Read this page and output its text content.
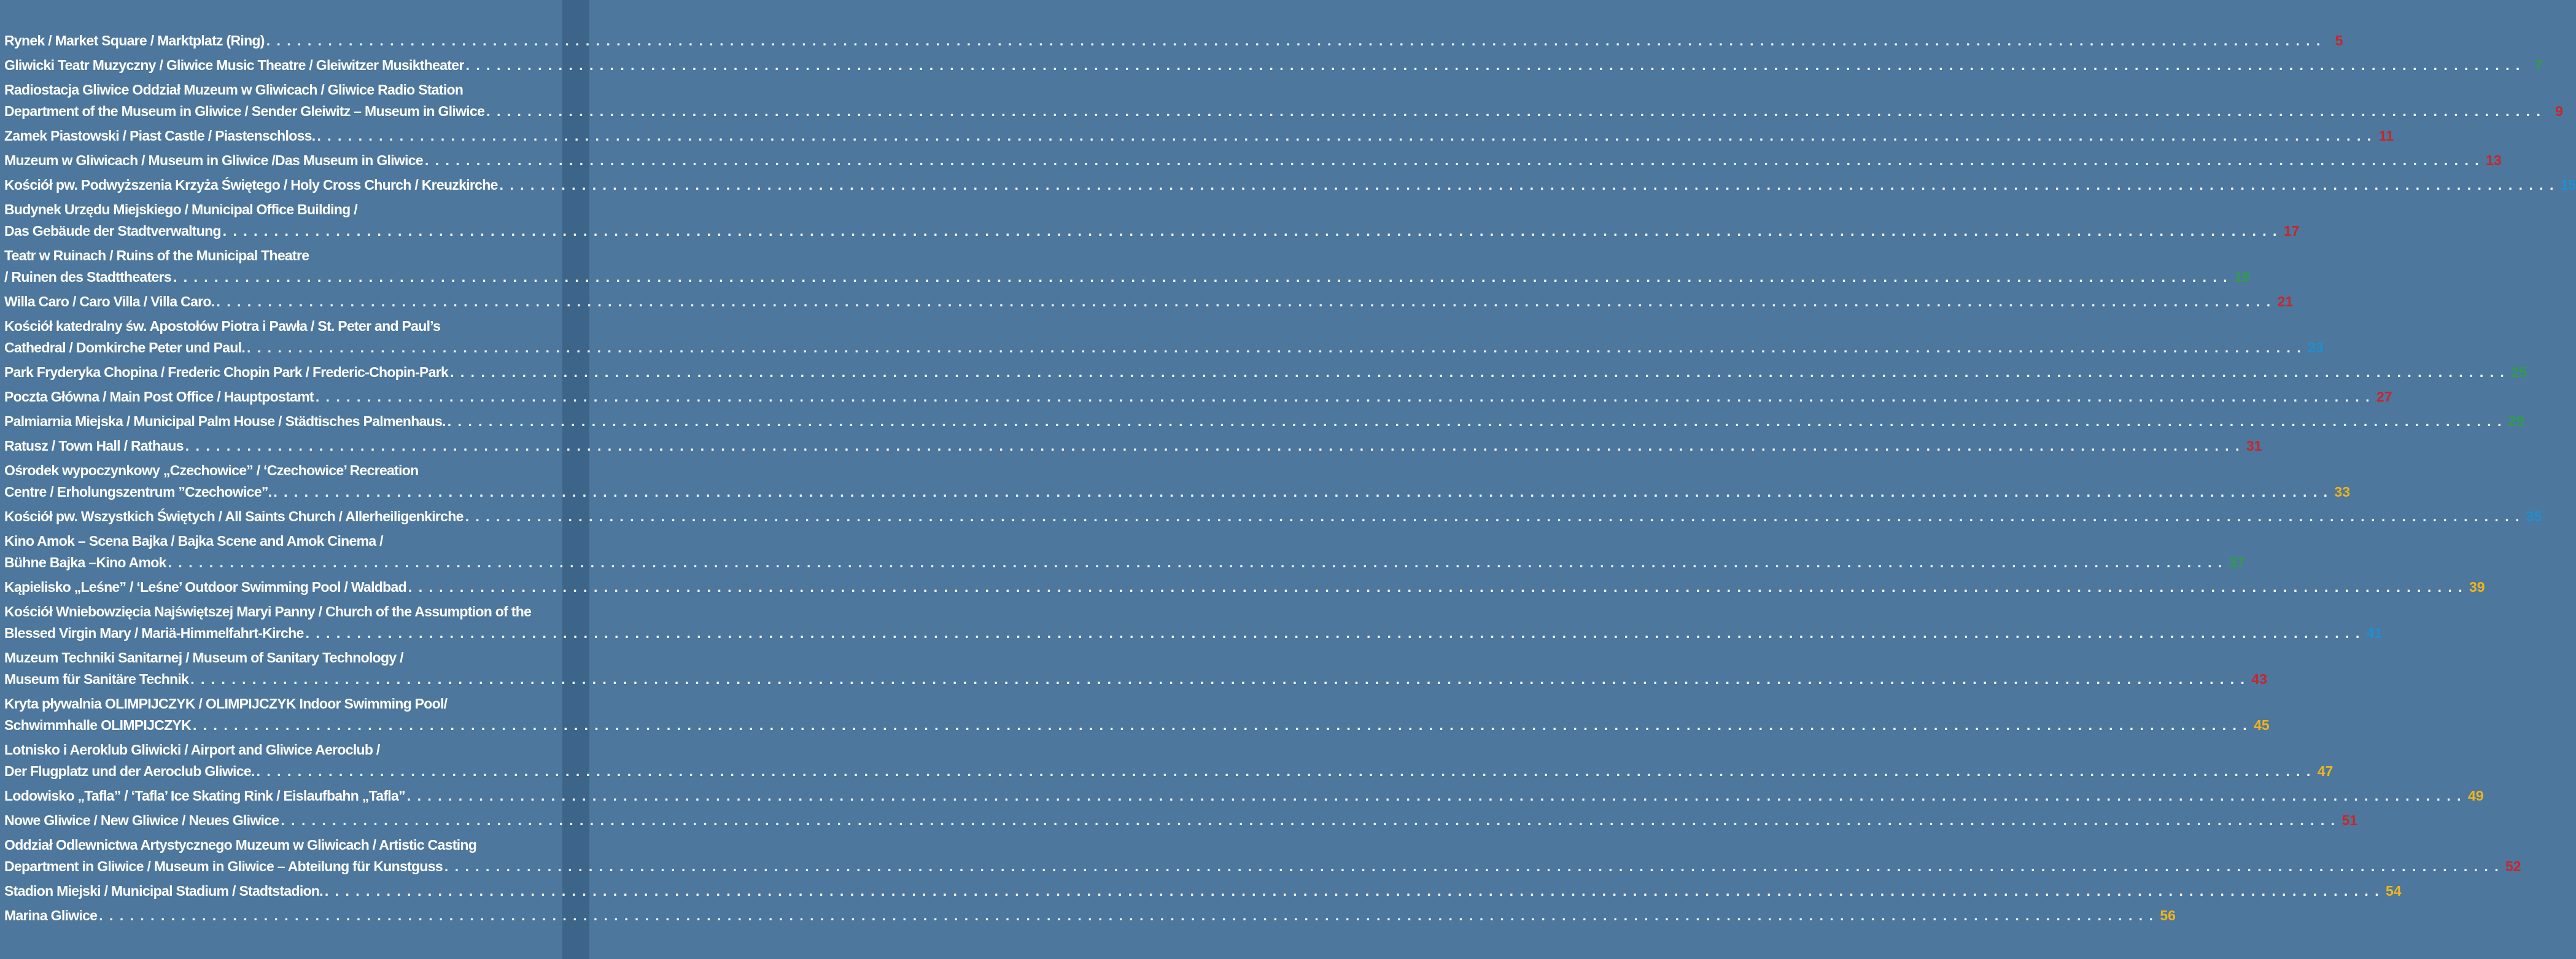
Rynek / Market Square / Marktplatz (Ring) . . . . . . . . . . . . . . . . . . . . . . . . . . . . . . . . . . . . . . . . . . . . . . . . . . . . . . . . . . . . . . . . . . . . . . . . . . . . . . . . . . . . . . . . . . . . . . . . . . . . . . . . . . . . . . . . . . . . . . . . . . . . . . . . . . . . . . . . . . . . . . . . . . . . . . . . . . . . . . . . . . . . . . . . . . . . . . . . . . . . . . . . . . . . . . . . . . . . . . . . 5
Gliwicki Teatr Muzyczny / Gliwice Music Theatre / Gleiwitzer Musiktheater . . . . . . . . . . . . . . . . . . . . . . . . . . . . . . . . . . . . . . . . . . . . . . . . . . . . . . . . . . . . . . . . . . . . . . . . . . . . . . . . . . . . . . . . . . . . . . . . . . . . . . . . . . . . . . . . . . . . . . . . . . . . . . . . . . . . . . . . . . . . . . . . . . . . . . . . . . . . . . . . . . . . . . . . . . . . . . . . . . . . . . . . . . . . . . . . . . . . . . . . 7
Radiostacja Gliwice Oddział Muzeum w Gliwicach / Gliwice Radio Station
Department of the Museum in Gliwice / Sender Gleiwitz – Museum in Gliwice . . . . . . . . . . . . . . . . . . . . . . . . . . . . . . . . . . . . . . . . . . . . . . . . . . . . . . . . . . . . . . . . . . . . . . . . . . . . . . . . . . . . . . . . . . . . . . . . . . . . . . . . . . . . . . . . . . . . . . . . . . . . . . . . . . . . . . . . . . . . . . . . . . . . . . . . . . . . . . . . . . . . . . . . . . . . . . . . . . . . . . . . . . . . . . . . . . . . . . . . 9
Zamek Piastowski / Piast Castle / Piastenschloss. . . . . . . . . . . . . . . . . . . . . . . . . . . . . . . . . . . . . . . . . . . . . . . . . . . . . . . . . . . . . . . . . . . . . . . . . . . . . . . . . . . . . . . . . . . . . . . . . . . . . . . . . . . . . . . . . . . . . . . . . . . . . . . . . . . . . . . . . . . . . . . . . . . . . . . . . . . . . . . . . . . . . . . . . . . . . . . . . . . . . . . . . . . . . . . . . . . . . . . . . 11
Muzeum w Gliwicach / Museum in Gliwice /Das Museum in Gliwice . . . . . . . . . . . . . . . . . . . . . . . . . . . . . . . . . . . . . . . . . . . . . . . . . . . . . . . . . . . . . . . . . . . . . . . . . . . . . . . . . . . . . . . . . . . . . . . . . . . . . . . . . . . . . . . . . . . . . . . . . . . . . . . . . . . . . . . . . . . . . . . . . . . . . . . . . . . . . . . . . . . . . . . . . . . . . . . . . . . . . . . . . . . . . . . . . . . . . . . . 13
Kościół pw. Podwyższenia Krzyża Świętego / Holy Cross Church / Kreuzkirche . . . . . . . . . . . . . . . . . . . . . . . . . . . . . . . . . . . . . . . . . . . . . . . . . . . . . . . . . . . . . . . . . . . . . . . . . . . . . . . . . . . . . . . . . . . . . . . . . . . . . . . . . . . . . . . . . . . . . . . . . . . . . . . . . . . . . . . . . . . . . . . . . . . . . . . . . . . . . . . . . . . . . . . . . . . . . . . . . . . . . . . . . . . . . . . . . . . . . . . . 15
Budynek Urzędu Miejskiego / Municipal Office Building /
Das Gebäude der Stadtverwaltung . . . . . . . . . . . . . . . . . . . . . . . . . . . . . . . . . . . . . . . . . . . . . . . . . . . . . . . . . . . . . . . . . . . . . . . . . . . . . . . . . . . . . . . . . . . . . . . . . . . . . . . . . . . . . . . . . . . . . . . . . . . . . . . . . . . . . . . . . . . . . . . . . . . . . . . . . . . . . . . . . . . . . . . . . . . . . . . . . . . . . . . . . . . . . . . . . . . . . . . . 17
Teatr w Ruinach / Ruins of the Municipal Theatre
/ Ruinen des Stadttheaters . . . . . . . . . . . . . . . . . . . . . . . . . . . . . . . . . . . . . . . . . . . . . . . . . . . . . . . . . . . . . . . . . . . . . . . . . . . . . . . . . . . . . . . . . . . . . . . . . . . . . . . . . . . . . . . . . . . . . . . . . . . . . . . . . . . . . . . . . . . . . . . . . . . . . . . . . . . . . . . . . . . . . . . . . . . . . . . . . . . . . . . . . . . . . . . . . . . . . . . . 19
Willa Caro / Caro Villa / Villa Caro. . . . . . . . . . . . . . . . . . . . . . . . . . . . . . . . . . . . . . . . . . . . . . . . . . . . . . . . . . . . . . . . . . . . . . . . . . . . . . . . . . . . . . . . . . . . . . . . . . . . . . . . . . . . . . . . . . . . . . . . . . . . . . . . . . . . . . . . . . . . . . . . . . . . . . . . . . . . . . . . . . . . . . . . . . . . . . . . . . . . . . . . . . . . . . . . . . . . . . . . . 21
Kościół katedralny św. Apostołów Piotra i Pawła / St. Peter and Paul’s
Cathedral / Domkirche Peter und Paul. . . . . . . . . . . . . . . . . . . . . . . . . . . . . . . . . . . . . . . . . . . . . . . . . . . . . . . . . . . . . . . . . . . . . . . . . . . . . . . . . . . . . . . . . . . . . . . . . . . . . . . . . . . . . . . . . . . . . . . . . . . . . . . . . . . . . . . . . . . . . . . . . . . . . . . . . . . . . . . . . . . . . . . . . . . . . . . . . . . . . . . . . . . . . . . . . . . . . . . . . 23
Park Fryderyka Chopina / Frederic Chopin Park / Frederic-Chopin-Park . . . . . . . . . . . . . . . . . . . . . . . . . . . . . . . . . . . . . . . . . . . . . . . . . . . . . . . . . . . . . . . . . . . . . . . . . . . . . . . . . . . . . . . . . . . . . . . . . . . . . . . . . . . . . . . . . . . . . . . . . . . . . . . . . . . . . . . . . . . . . . . . . . . . . . . . . . . . . . . . . . . . . . . . . . . . . . . . . . . . . . . . . . . . . . . . . . . . . . . . 25
Poczta Główna / Main Post Office / Hauptpostamt . . . . . . . . . . . . . . . . . . . . . . . . . . . . . . . . . . . . . . . . . . . . . . . . . . . . . . . . . . . . . . . . . . . . . . . . . . . . . . . . . . . . . . . . . . . . . . . . . . . . . . . . . . . . . . . . . . . . . . . . . . . . . . . . . . . . . . . . . . . . . . . . . . . . . . . . . . . . . . . . . . . . . . . . . . . . . . . . . . . . . . . . . . . . . . . . . . . . . . . . 27
Palmiarnia Miejska / Municipal Palm House / Städtisches Palmenhaus. . . . . . . . . . . . . . . . . . . . . . . . . . . . . . . . . . . . . . . . . . . . . . . . . . . . . . . . . . . . . . . . . . . . . . . . . . . . . . . . . . . . . . . . . . . . . . . . . . . . . . . . . . . . . . . . . . . . . . . . . . . . . . . . . . . . . . . . . . . . . . . . . . . . . . . . . . . . . . . . . . . . . . . . . . . . . . . . . . . . . . . . . . . . . . . . . . . . . . . . . 29
Ratusz / Town Hall / Rathaus . . . . . . . . . . . . . . . . . . . . . . . . . . . . . . . . . . . . . . . . . . . . . . . . . . . . . . . . . . . . . . . . . . . . . . . . . . . . . . . . . . . . . . . . . . . . . . . . . . . . . . . . . . . . . . . . . . . . . . . . . . . . . . . . . . . . . . . . . . . . . . . . . . . . . . . . . . . . . . . . . . . . . . . . . . . . . . . . . . . . . . . . . . . . . . . . . . . . . . . . 31
Ośrodek wypoczynkowy „Czechowice” / ‘Czechowice’ Recreation
Centre / Erholungszentrum ”Czechowice”. . . . . . . . . . . . . . . . . . . . . . . . . . . . . . . . . . . . . . . . . . . . . . . . . . . . . . . . . . . . . . . . . . . . . . . . . . . . . . . . . . . . . . . . . . . . . . . . . . . . . . . . . . . . . . . . . . . . . . . . . . . . . . . . . . . . . . . . . . . . . . . . . . . . . . . . . . . . . . . . . . . . . . . . . . . . . . . . . . . . . . . . . . . . . . . . . . . . . . . . . 33
Kościół pw. Wszystkich Świętych / All Saints Church / Allerheiligenkirche . . . . . . . . . . . . . . . . . . . . . . . . . . . . . . . . . . . . . . . . . . . . . . . . . . . . . . . . . . . . . . . . . . . . . . . . . . . . . . . . . . . . . . . . . . . . . . . . . . . . . . . . . . . . . . . . . . . . . . . . . . . . . . . . . . . . . . . . . . . . . . . . . . . . . . . . . . . . . . . . . . . . . . . . . . . . . . . . . . . . . . . . . . . . . . . . . . . . . . . . 35
Kino Amok – Scena Bajka / Bajka Scene and Amok Cinema /
Bühne Bajka –Kino Amok . . . . . . . . . . . . . . . . . . . . . . . . . . . . . . . . . . . . . . . . . . . . . . . . . . . . . . . . . . . . . . . . . . . . . . . . . . . . . . . . . . . . . . . . . . . . . . . . . . . . . . . . . . . . . . . . . . . . . . . . . . . . . . . . . . . . . . . . . . . . . . . . . . . . . . . . . . . . . . . . . . . . . . . . . . . . . . . . . . . . . . . . . . . . . . . . . . . . . . . . 37
Kąpielisko „Leśne” / ‘Leśne’ Outdoor Swimming Pool / Waldbad . . . . . . . . . . . . . . . . . . . . . . . . . . . . . . . . . . . . . . . . . . . . . . . . . . . . . . . . . . . . . . . . . . . . . . . . . . . . . . . . . . . . . . . . . . . . . . . . . . . . . . . . . . . . . . . . . . . . . . . . . . . . . . . . . . . . . . . . . . . . . . . . . . . . . . . . . . . . . . . . . . . . . . . . . . . . . . . . . . . . . . . . . . . . . . . . . . . . . . . . 39
Kościół Wniebowzięcia Najświętszej Maryi Panny / Church of the Assumption of the
Blessed Virgin Mary / Mariä-Himmelfahrt-Kirche . . . . . . . . . . . . . . . . . . . . . . . . . . . . . . . . . . . . . . . . . . . . . . . . . . . . . . . . . . . . . . . . . . . . . . . . . . . . . . . . . . . . . . . . . . . . . . . . . . . . . . . . . . . . . . . . . . . . . . . . . . . . . . . . . . . . . . . . . . . . . . . . . . . . . . . . . . . . . . . . . . . . . . . . . . . . . . . . . . . . . . . . . . . . . . . . . . . . . . . . 41
Muzeum Techniki Sanitarnej / Museum of Sanitary Technology /
Museum für Sanitäre Technik . . . . . . . . . . . . . . . . . . . . . . . . . . . . . . . . . . . . . . . . . . . . . . . . . . . . . . . . . . . . . . . . . . . . . . . . . . . . . . . . . . . . . . . . . . . . . . . . . . . . . . . . . . . . . . . . . . . . . . . . . . . . . . . . . . . . . . . . . . . . . . . . . . . . . . . . . . . . . . . . . . . . . . . . . . . . . . . . . . . . . . . . . . . . . . . . . . . . . . . . 43
Kryta pływalnia OLIMPIJCZYK / OLIMPIJCZYK Indoor Swimming Pool/
Schwimmhalle OLIMPIJCZYK . . . . . . . . . . . . . . . . . . . . . . . . . . . . . . . . . . . . . . . . . . . . . . . . . . . . . . . . . . . . . . . . . . . . . . . . . . . . . . . . . . . . . . . . . . . . . . . . . . . . . . . . . . . . . . . . . . . . . . . . . . . . . . . . . . . . . . . . . . . . . . . . . . . . . . . . . . . . . . . . . . . . . . . . . . . . . . . . . . . . . . . . . . . . . . . . . . . . . . . . 45
Lotnisko i Aeroklub Gliwicki / Airport and Gliwice Aeroclub /
Der Flugplatz und der Aeroclub Gliwice. . . . . . . . . . . . . . . . . . . . . . . . . . . . . . . . . . . . . . . . . . . . . . . . . . . . . . . . . . . . . . . . . . . . . . . . . . . . . . . . . . . . . . . . . . . . . . . . . . . . . . . . . . . . . . . . . . . . . . . . . . . . . . . . . . . . . . . . . . . . . . . . . . . . . . . . . . . . . . . . . . . . . . . . . . . . . . . . . . . . . . . . . . . . . . . . . . . . . . . . . 47
Lodowisko „Tafla” / ‘Tafla’ Ice Skating Rink / Eislaufbahn „Tafla” . . . . . . . . . . . . . . . . . . . . . . . . . . . . . . . . . . . . . . . . . . . . . . . . . . . . . . . . . . . . . . . . . . . . . . . . . . . . . . . . . . . . . . . . . . . . . . . . . . . . . . . . . . . . . . . . . . . . . . . . . . . . . . . . . . . . . . . . . . . . . . . . . . . . . . . . . . . . . . . . . . . . . . . . . . . . . . . . . . . . . . . . . . . . . . . . . . . . . . . . 49
Nowe Gliwice / New Gliwice / Neues Gliwice . . . . . . . . . . . . . . . . . . . . . . . . . . . . . . . . . . . . . . . . . . . . . . . . . . . . . . . . . . . . . . . . . . . . . . . . . . . . . . . . . . . . . . . . . . . . . . . . . . . . . . . . . . . . . . . . . . . . . . . . . . . . . . . . . . . . . . . . . . . . . . . . . . . . . . . . . . . . . . . . . . . . . . . . . . . . . . . . . . . . . . . . . . . . . . . . . . . . . . . . 51
Oddział Odlewnictwa Artystycznego Muzeum w Gliwicach / Artistic Casting
Department in Gliwice / Museum in Gliwice – Abteilung für Kunstguss . . . . . . . . . . . . . . . . . . . . . . . . . . . . . . . . . . . . . . . . . . . . . . . . . . . . . . . . . . . . . . . . . . . . . . . . . . . . . . . . . . . . . . . . . . . . . . . . . . . . . . . . . . . . . . . . . . . . . . . . . . . . . . . . . . . . . . . . . . . . . . . . . . . . . . . . . . . . . . . . . . . . . . . . . . . . . . . . . . . . . . . . . . . . . . . . . . . . . . . . 52
Stadion Miejski / Municipal Stadium / Stadtstadion. . . . . . . . . . . . . . . . . . . . . . . . . . . . . . . . . . . . . . . . . . . . . . . . . . . . . . . . . . . . . . . . . . . . . . . . . . . . . . . . . . . . . . . . . . . . . . . . . . . . . . . . . . . . . . . . . . . . . . . . . . . . . . . . . . . . . . . . . . . . . . . . . . . . . . . . . . . . . . . . . . . . . . . . . . . . . . . . . . . . . . . . . . . . . . . . . . . . . . . . . 54
Marina Gliwice . . . . . . . . . . . . . . . . . . . . . . . . . . . . . . . . . . . . . . . . . . . . . . . . . . . . . . . . . . . . . . . . . . . . . . . . . . . . . . . . . . . . . . . . . . . . . . . . . . . . . . . . . . . . . . . . . . . . . . . . . . . . . . . . . . . . . . . . . . . . . . . . . . . . . . . . . . . . . . . . . . . . . . . . . . . . . . . . . . . . . . . . . . . . . . . . . . . . . . . . 56
